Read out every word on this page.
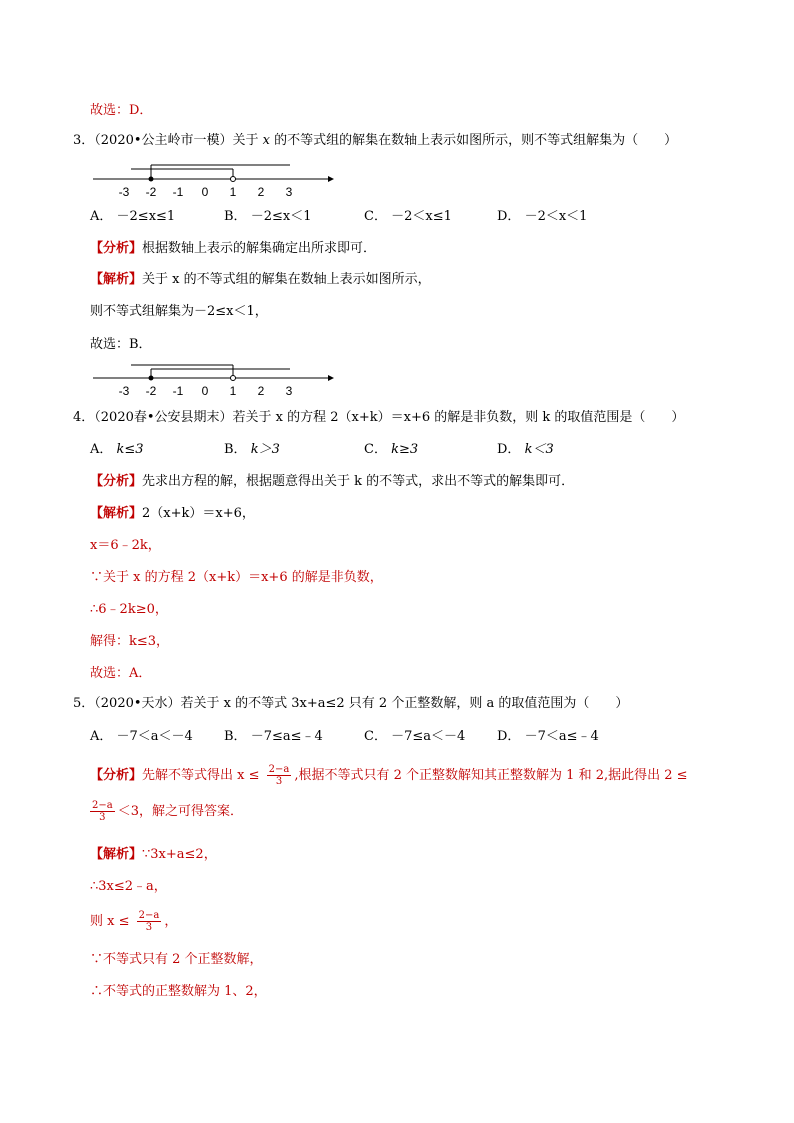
故选：D．
3．（2020•公主岭市一模）关于 x 的不等式组的解集在数轴上表示如图所示，则不等式组解集为（　　）
-3 -2 -1 0 1 2 3
A． －2≤x≤1	B． －2≤x＜1	C． －2＜x≤1	D． －2＜x＜1
【分析】根据数轴上表示的解集确定出所求即可．
【解析】关于 x 的不等式组的解集在数轴上表示如图所示，
则不等式组解集为－2≤x＜1，
故选：B．
-3 -2 -1 0 1 2 3
4．（2020春•公安县期末）若关于 x 的方程 2（x+k）＝x+6 的解是非负数，则 k 的取值范围是（　　）
A． k≤3	B． k＞3	C． k≥3	D． k＜3
【分析】先求出方程的解，根据题意得出关于 k 的不等式，求出不等式的解集即可．
【解析】2（x+k）＝x+6，
x＝6﹣2k，
∵关于 x 的方程 2（x+k）＝x+6 的解是非负数，
∴6﹣2k≥0，
解得：k≤3，
故选：A．
5．（2020•天水）若关于 x 的不等式 3x+a≤2 只有 2 个正整数解，则 a 的取值范围为（　　）
A． －7＜a＜－4 B． －7≤a≤﹣4	C． －7≤a＜－4 D． －7＜a≤﹣4
【分析】先解不等式得出 $x \le \frac{2-a}{3}$ ,根据不等式只有 2 个正整数解知其正整数解为 1 和 2,据此得出 2 ≤
$\frac{2-a}{3} <3$，解之可得答案．
【解析】∵3x+a≤2，
∴3x≤2﹣a，
则 $x \le \frac{2-a}{3}$ ，
∵不等式只有 2 个正整数解，
∴不等式的正整数解为 1、2，
